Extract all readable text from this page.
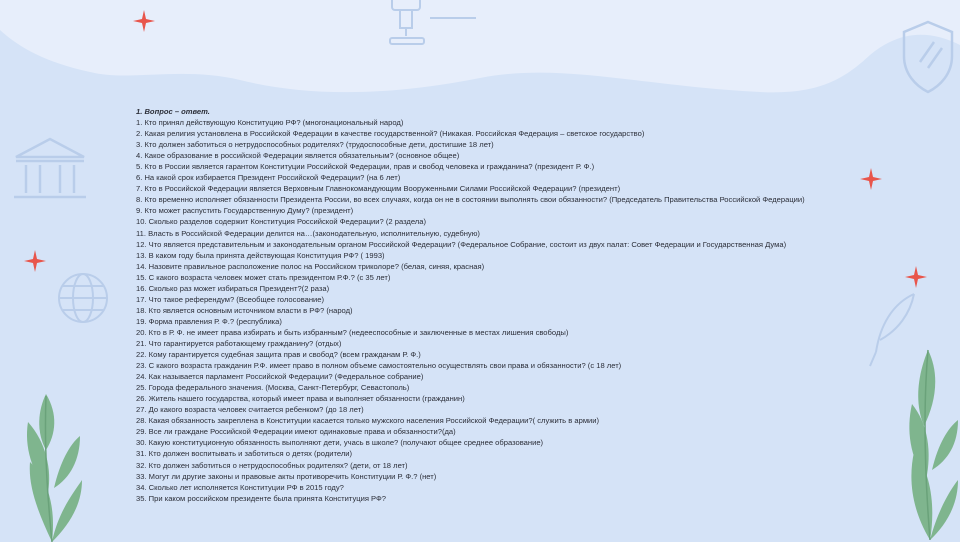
1. Вопрос – ответ.
1. Кто принял действующую Конституцию РФ? (многонациональный народ)
2. Какая религия установлена в Российской Федерации в качестве государственной? (Никакая. Российская Федерация – светское государство)
3. Кто должен заботиться о нетрудоспособных родителях? (трудоспособные дети, достигшие 18 лет)
4. Какое образование в российской Федерации является обязательным? (основное общее)
5. Кто в России является гарантом Конституции Российской Федерации, прав и свобод человека и гражданина? (президент Р. Ф.)
6. На какой срок избирается Президент Российской Федерации? (на 6 лет)
7. Кто в Российской Федерации является Верховным Главнокомандующим Вооруженными Силами Российской Федерации? (президент)
8. Кто временно исполняет обязанности Президента России, во всех случаях, когда он не в состоянии выполнять свои обязанности? (Председатель Правительства Российской Федерации)
9. Кто может распустить Государственную Думу? (президент)
10. Сколько разделов содержит Конституция Российской Федерации? (2 раздела)
11. Власть в Российской Федерации делится на…(законодательную, исполнительную, судебную)
12. Что является представительным и законодательным органом Российской Федерации? (Федеральное Собрание, состоит из двух палат: Совет Федерации и Государственная Дума)
13. В каком году была принята действующая Конституция РФ? ( 1993)
14. Назовите правильное расположение полос на Российском триколоре? (белая, синяя, красная)
15. С какого возраста человек может стать президентом Р.Ф.? (с 35 лет)
16. Сколько раз может избираться Президент?(2 раза)
17. Что такое референдум? (Всеобщее голосование)
18. Кто является основным источником власти в РФ? (народ)
19. Форма правления Р. Ф.? (республика)
20. Кто в Р. Ф. не имеет права избирать и быть избранным? (недееспособные и заключенные в местах лишения свободы)
21. Что гарантируется работающему гражданину? (отдых)
22. Кому гарантируется судебная защита прав и свобод? (всем гражданам Р. Ф.)
23. С какого возраста гражданин Р.Ф. имеет право в полном объеме самостоятельно осуществлять свои права и обязанности? (с 18 лет)
24. Как называется парламент Российской Федерации? (Федеральное собрание)
25. Города федерального значения. (Москва, Санкт-Петербург, Севастополь)
26. Житель нашего государства, который имеет права и выполняет обязанности (гражданин)
27. До какого возраста человек считается ребенком? (до 18 лет)
28. Какая обязанность закреплена в Конституции касается только мужского населения Российской Федерации?( служить в армии)
29. Все ли граждане Российской Федерации имеют одинаковые права и обязанности?(да)
30. Какую конституционную обязанность выполняют дети, учась в школе? (получают общее среднее образование)
31. Кто должен воспитывать и заботиться о детях (родители)
32. Кто должен заботиться о нетрудоспособных родителях? (дети, от 18 лет)
33. Могут ли другие законы и правовые акты противоречить Конституции Р. Ф.? (нет)
34. Сколько лет исполняется Конституции РФ в 2015 году?
35. При каком российском президенте была принята Конституция РФ?
